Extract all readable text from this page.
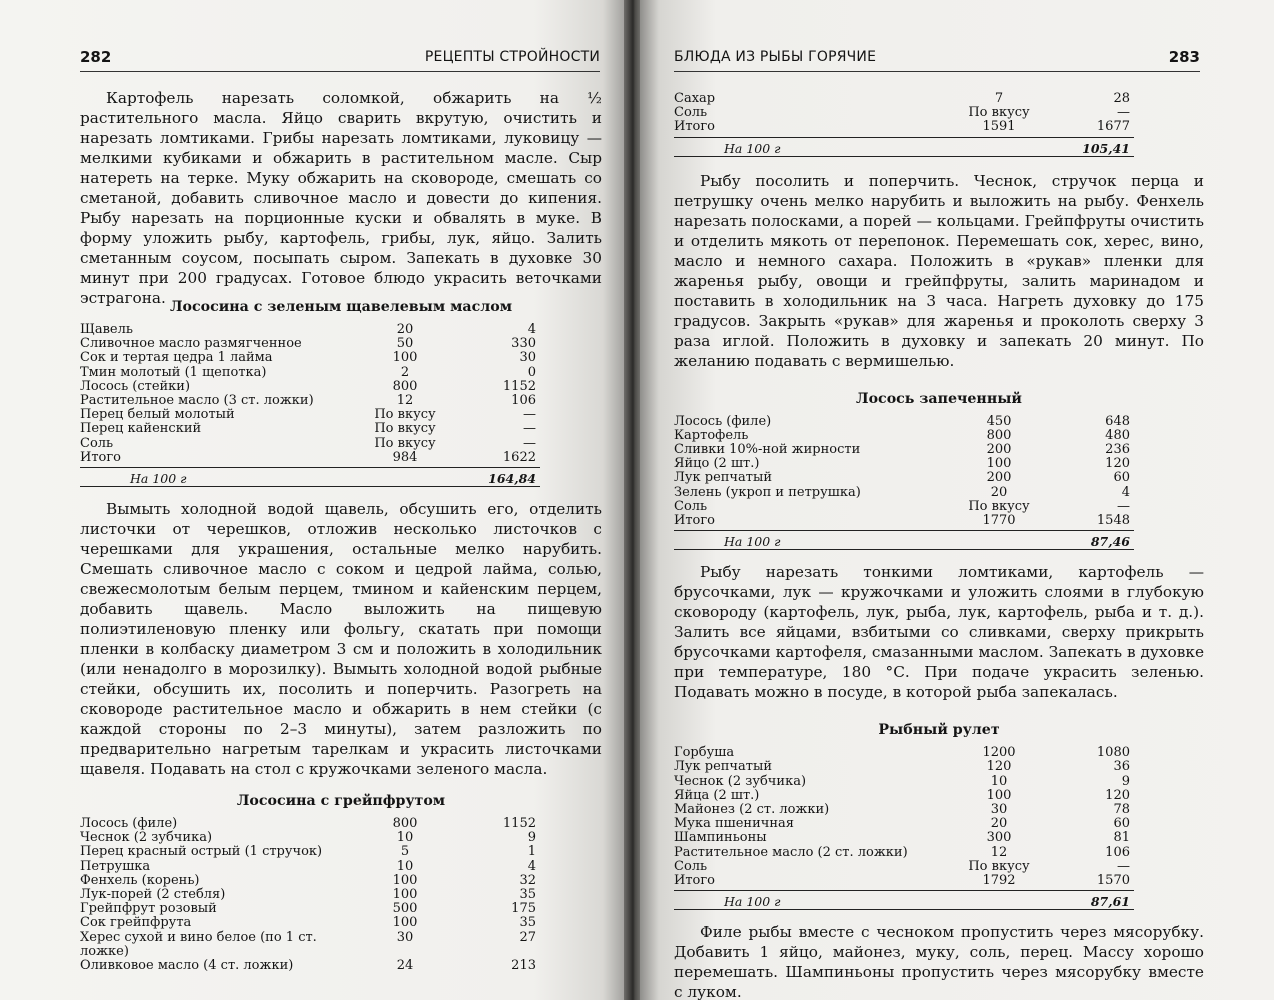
282	РЕЦЕПТЫ СТРОЙНОСТИ

Картофель нарезать соломкой, обжарить на ½ растительного масла. Яйцо сварить вкрутую, очистить и нарезать ломтиками. Грибы нарезать ломтиками, луковицу — мелкими кубиками и обжарить в растительном масле. Сыр натереть на терке. Муку обжарить на сковороде, смешать со сметаной, добавить сливочное масло и довести до кипения. Рыбу нарезать на порционные куски и обвалять в муке. В форму уложить рыбу, картофель, грибы, лук, яйцо. Залить сметанным соусом, посыпать сыром. Запекать в духовке 30 минут при 200 градусах. Готовое блюдо украсить веточками эстрагона. Лососина с зеленым щавелевым маслом
Щавель	20	4
Сливочное масло размягченное	50	330
Сок и тертая цедра 1 лайма	100	30
Тмин молотый (1 щепотка)	2	0
Лосось (стейки)	800	1152
Растительное масло (3 ст. ложки)	12	106
Перец белый молотый	По вкусу	—
Перец кайенский	По вкусу	—
Соль	По вкусу	—
Итого	984	1622
На 100 г	164,84

Вымыть холодной водой щавель, обсушить его, отделить листочки от черешков, отложив несколько листочков с черешками для украшения, остальные мелко нарубить. Смешать сливочное масло с соком и цедрой лайма, солью, свежесмолотым белым перцем, тмином и кайенским перцем, добавить щавель. Масло выложить на пищевую полиэтиленовую пленку или фольгу, скатать при помощи пленки в колбаску диаметром 3 см и положить в холодильник (или ненадолго в морозилку). Вымыть холодной водой рыбные стейки, обсушить их, посолить и поперчить. Разогреть на сковороде растительное масло и обжарить в нем стейки (с каждой стороны по 2–3 минуты), затем разложить по предварительно нагретым тарелкам и украсить листочками щавеля. Подавать на стол с кружочками зеленого масла.

Лососина с грейпфрутом
Лосось (филе)	800	1152
Чеснок (2 зубчика)	10	9
Перец красный острый (1 стручок)	5	1
Петрушка	10	4
Фенхель (корень)	100	32
Лук-порей (2 стебля)	100	35
Грейпфрут розовый	500	175
Сок грейпфрута	100	35
Херес сухой и вино белое (по 1 ст. ложке)	30	27
Оливковое масло (4 ст. ложки)	24	213
БЛЮДА ИЗ РЫБЫ ГОРЯЧИЕ	283
Сахар	7	28
Соль	По вкусу	—
Итого	1591	1677
На 100 г	105,41

Рыбу посолить и поперчить. Чеснок, стручок перца и петрушку очень мелко нарубить и выложить на рыбу. Фенхель нарезать полосками, а порей — кольцами. Грейпфруты очистить и отделить мякоть от перепонок. Перемешать сок, херес, вино, масло и немного сахара. Положить в «рукав» пленки для жаренья рыбу, овощи и грейпфруты, залить маринадом и поставить в холодильник на 3 часа. Нагреть духовку до 175 градусов. Закрыть «рукав» для жаренья и проколоть сверху 3 раза иглой. Положить в духовку и запекать 20 минут. По желанию подавать с вермишелью.

Лосось запеченный
Лосось (филе)	450	648
Картофель	800	480
Сливки 10%-ной жирности	200	236
Яйцо (2 шт.)	100	120
Лук репчатый	200	60
Зелень (укроп и петрушка)	20	4
Соль	По вкусу	—
Итого	1770	1548
На 100 г	87,46

Рыбу нарезать тонкими ломтиками, картофель — брусочками, лук — кружочками и уложить слоями в глубокую сковороду (картофель, лук, рыба, лук, картофель, рыба и т. д.). Залить все яйцами, взбитыми со сливками, сверху прикрыть брусочками картофеля, смазанными маслом. Запекать в духовке при температуре, 180 °С. При подаче украсить зеленью. Подавать можно в посуде, в которой рыба запекалась.

Рыбный рулет
Горбуша	1200	1080
Лук репчатый	120	36
Чеснок (2 зубчика)	10	9
Яйца (2 шт.)	100	120
Майонез (2 ст. ложки)	30	78
Мука пшеничная	20	60
Шампиньоны	300	81
Растительное масло (2 ст. ложки)	12	106
Соль	По вкусу	—
Итого	1792	1570
На 100 г	87,61

Филе рыбы вместе с чесноком пропустить через мясорубку. Добавить 1 яйцо, майонез, муку, соль, перец. Массу хорошо перемешать. Шампиньоны пропустить через мясорубку вместе с луком.
